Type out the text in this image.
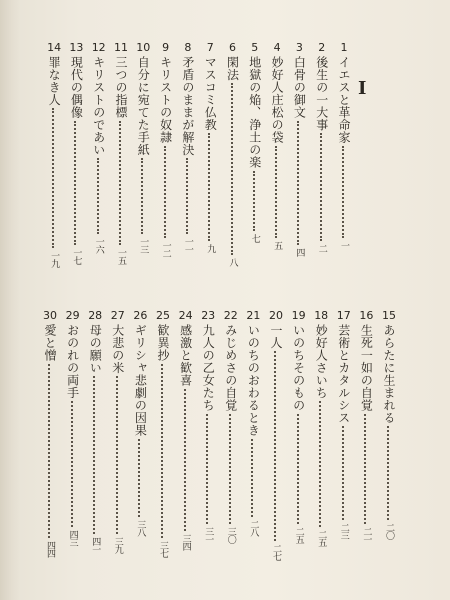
I
1
イエスと革命家
一
2
後生の一大事
二
3
白骨の御文
四
4
妙好人庄松の袋
五
5
地獄の焔、浄土の楽
七
6
閑法
八
7
マスコミ仏教
九
8
矛盾のままが解決
一一
9
キリストの奴隷
一二
10
自分に宛てた手紙
一三
11
三つの指標
一五
12
キリストのであい
一六
13
現代の偶像
一七
14
罪なき人
一九
15
あらたに生まれる
二〇
16
生死一如の自覚
二一
17
芸術とカタルシス
二三
18
妙好人さいち
二五
19
いのちそのもの
二五
20
一人
二七
21
いのちのおわるとき
二八
22
みじめさの自覚
三〇
23
九人の乙女たち
三一
24
感激と歓喜
三四
25
歓異抄
三七
26
ギリシャ悲劇の因果
三八
27
大悲の米
三九
28
母の願い
四一
29
おのれの両手
四三
30
愛と憎
四四
